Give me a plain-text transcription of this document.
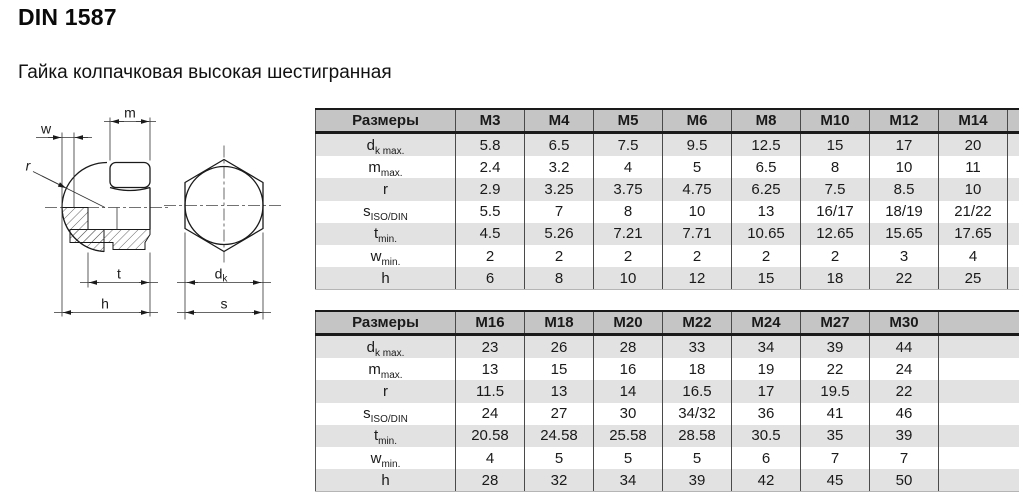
DIN 1587
Гайка колпачковая высокая шестигранная
m
w
r
t
h
$d_k$
s
Размеры	M3	M4	M5	M6	M8	M10	M12	M14	
$d_{k max.}$	5.8	6.5	7.5	9.5	12.5	15	17	20	
$m_{max.}$	2.4	3.2	4	5	6.5	8	10	11	
r	2.9	3.25	3.75	4.75	6.25	7.5	8.5	10	
$s_{ISO/DIN}$	5.5	7	8	10	13	16/17	18/19	21/22	
$t_{min.}$	4.5	5.26	7.21	7.71	10.65	12.65	15.65	17.65	
$w_{min.}$	2	2	2	2	2	2	3	4	
h	6	8	10	12	15	18	22	25	
Размеры	M16	M18	M20	M22	M24	M27	M30	
$d_{k max.}$	23	26	28	33	34	39	44	
$m_{max.}$	13	15	16	18	19	22	24	
r	11.5	13	14	16.5	17	19.5	22	
$s_{ISO/DIN}$	24	27	30	34/32	36	41	46	
$t_{min.}$	20.58	24.58	25.58	28.58	30.5	35	39	
$w_{min.}$	4	5	5	5	6	7	7	
h	28	32	34	39	42	45	50	
